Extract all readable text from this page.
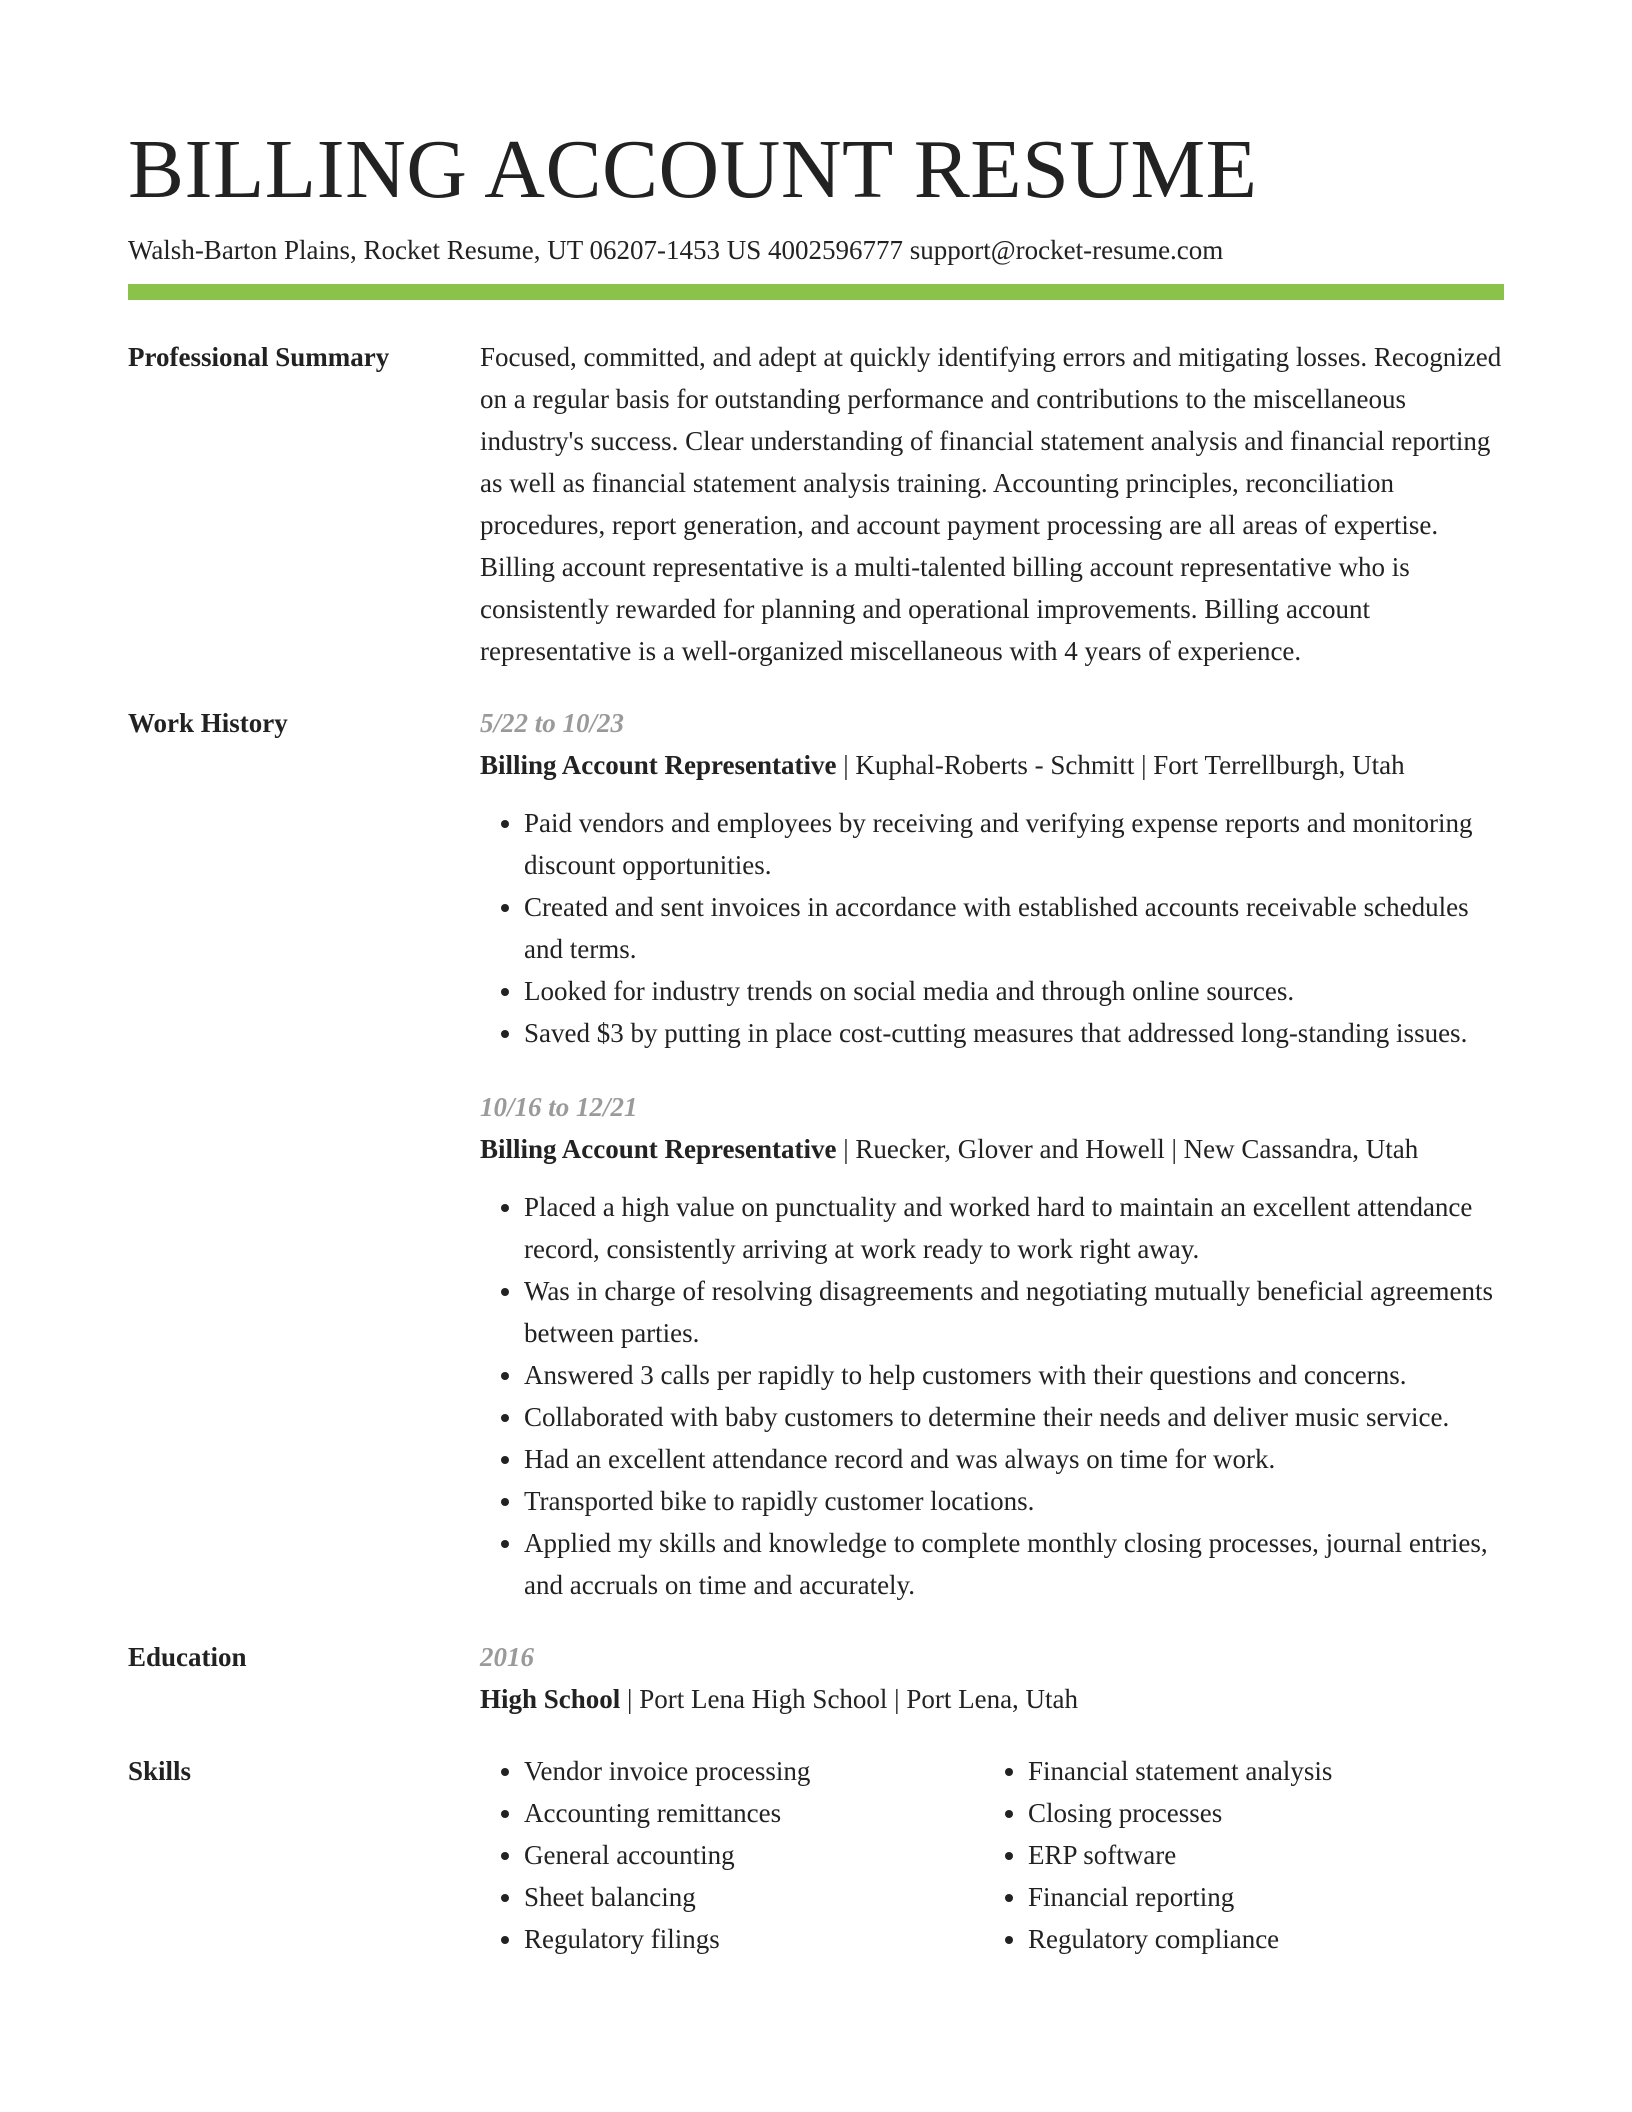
BILLING ACCOUNT RESUME
Walsh-Barton Plains, Rocket Resume, UT 06207-1453 US 4002596777 support@rocket-resume.com
Professional Summary	Focused, committed, and adept at quickly identifying errors and mitigating losses. Recognized on a regular basis for outstanding performance and contributions to the miscellaneous industry's success. Clear understanding of financial statement analysis and financial reporting as well as financial statement analysis training. Accounting principles, reconciliation procedures, report generation, and account payment processing are all areas of expertise. Billing account representative is a multi-talented billing account representative who is consistently rewarded for planning and operational improvements. Billing account representative is a well-organized miscellaneous with 4 years of experience.

Work History	5/22 to 10/23
Billing Account Representative | Kuphal-Roberts - Schmitt | Fort Terrellburgh, Utah
• Paid vendors and employees by receiving and verifying expense reports and monitoring discount opportunities.
• Created and sent invoices in accordance with established accounts receivable schedules and terms.
• Looked for industry trends on social media and through online sources.
• Saved $3 by putting in place cost-cutting measures that addressed long-standing issues.
10/16 to 12/21
Billing Account Representative | Ruecker, Glover and Howell | New Cassandra, Utah
• Placed a high value on punctuality and worked hard to maintain an excellent attendance record, consistently arriving at work ready to work right away.
• Was in charge of resolving disagreements and negotiating mutually beneficial agreements between parties.
• Answered 3 calls per rapidly to help customers with their questions and concerns.
• Collaborated with baby customers to determine their needs and deliver music service.
• Had an excellent attendance record and was always on time for work.
• Transported bike to rapidly customer locations.
• Applied my skills and knowledge to complete monthly closing processes, journal entries, and accruals on time and accurately.
Education	2016
High School | Port Lena High School | Port Lena, Utah
Skills
•	Vendor invoice processing
• Accounting remittances
• General accounting
• Sheet balancing
• Regulatory filings
• Financial statement analysis
• Closing processes
• ERP software
• Financial reporting
• Regulatory compliance
